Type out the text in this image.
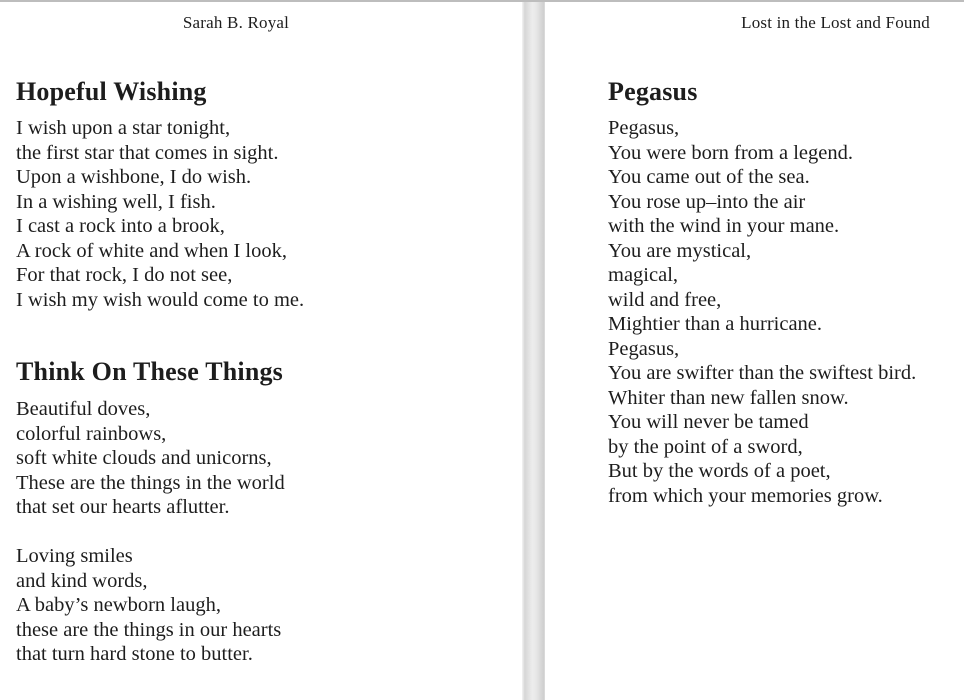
Sarah B. Royal
Hopeful Wishing
I wish upon a star tonight,
the first star that comes in sight.
Upon a wishbone, I do wish.
In a wishing well, I fish.
I cast a rock into a brook,
A rock of white and when I look,
For that rock, I do not see,
I wish my wish would come to me.
Think On These Things
Beautiful doves,
colorful rainbows,
soft white clouds and unicorns,
These are the things in the world
that set our hearts aflutter.

Loving smiles
and kind words,
A baby’s newborn laugh,
these are the things in our hearts
that turn hard stone to butter.
Lost in the Lost and Found
Pegasus
Pegasus,
You were born from a legend.
You came out of the sea.
You rose up–into the air
with the wind in your mane.
You are mystical,
magical,
wild and free,
Mightier than a hurricane.
Pegasus,
You are swifter than the swiftest bird.
Whiter than new fallen snow.
You will never be tamed
by the point of a sword,
But by the words of a poet,
from which your memories grow.
